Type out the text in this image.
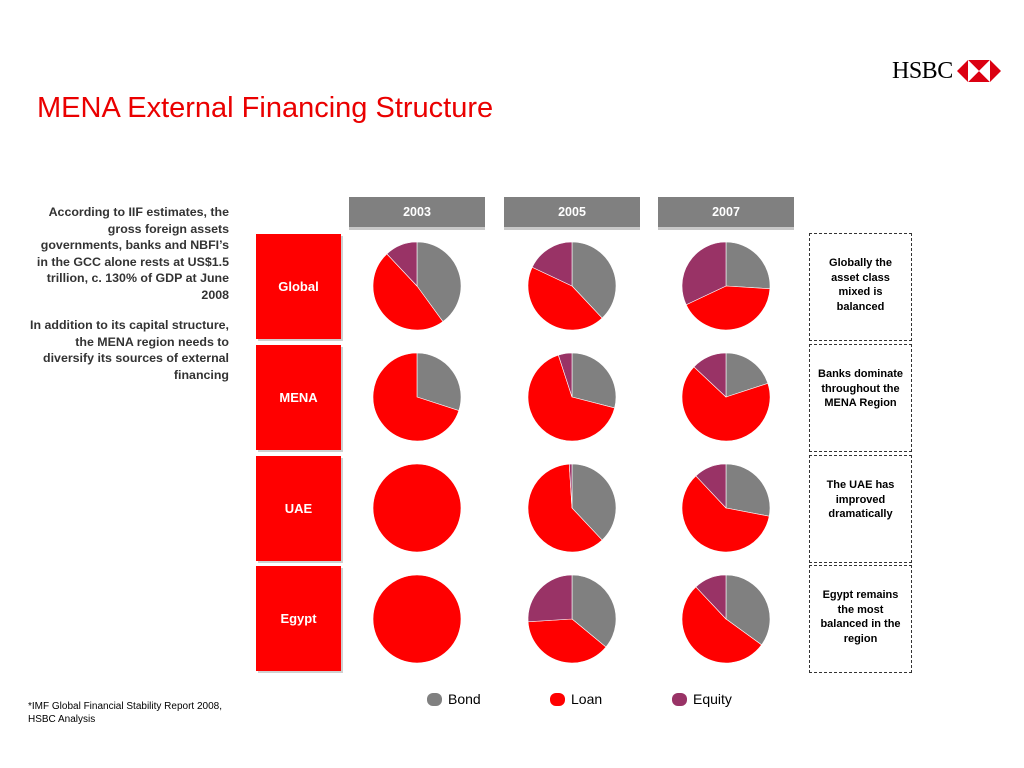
HSBC
MENA External Financing Structure

According to IIF estimates, the gross foreign assets governments, banks and NBFI’s in the GCC alone rests at US$1.5 trillion, c. 130% of GDP at June 2008

In addition to its capital structure, the MENA region needs to diversify its sources of external financing

2003	2005	2007
Global
MENA
UAE
Egypt
Globally the asset class mixed is balanced
Banks dominate throughout the MENA Region
The UAE has improved dramatically
Egypt remains the most balanced in the region
Bond	Loan	Equity
*IMF Global Financial Stability Report 2008, HSBC Analysis
